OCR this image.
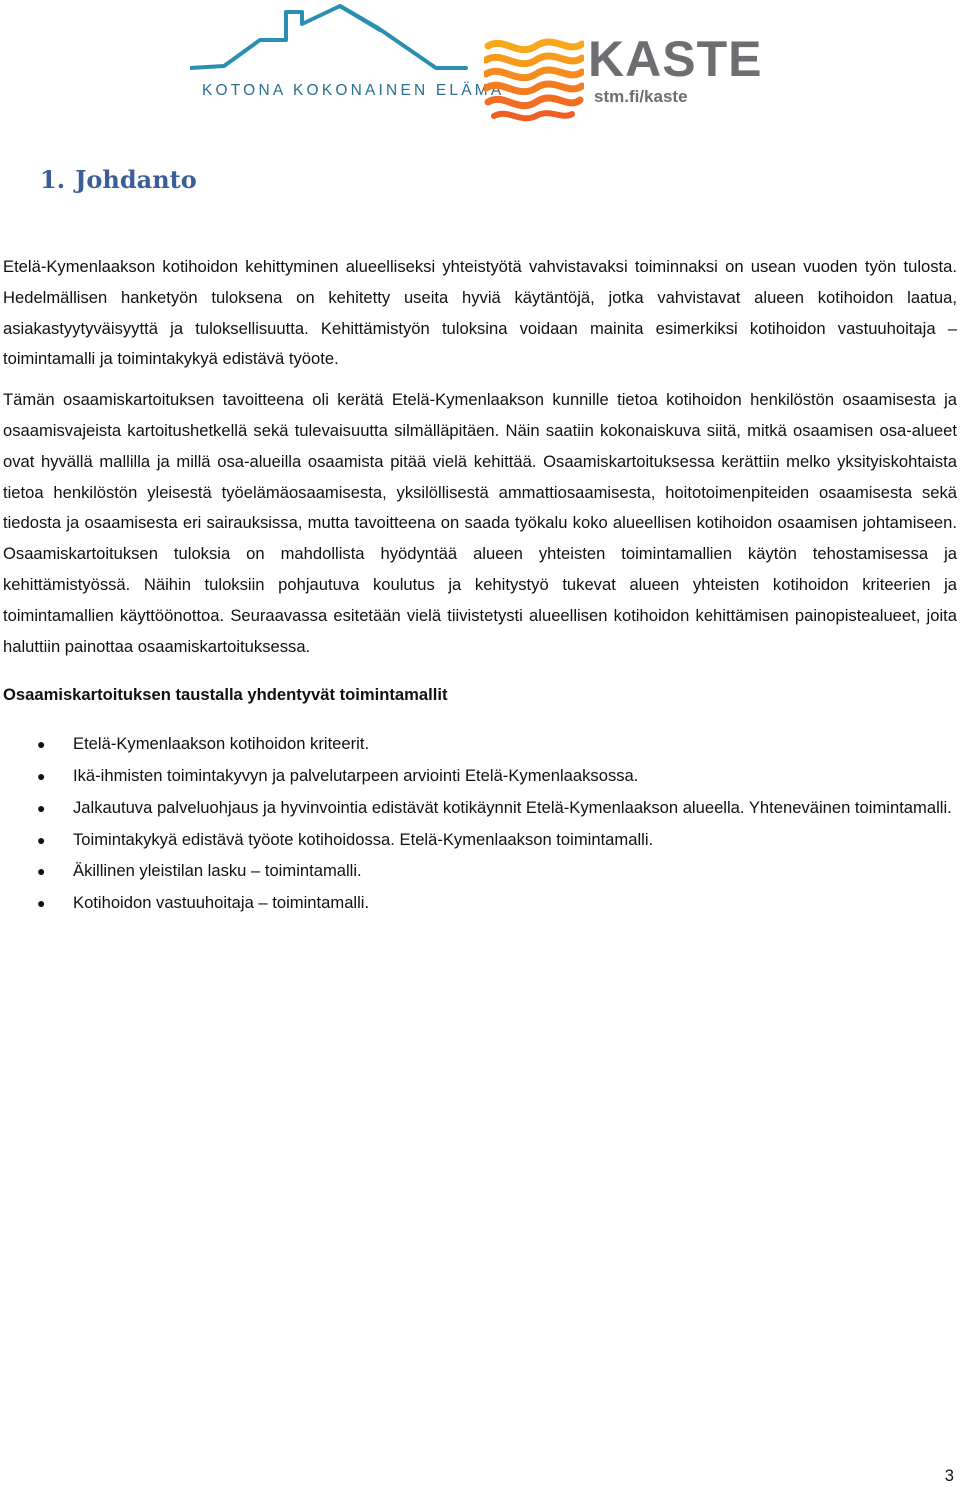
KOTONA KOKONAINEN ELÄMÄ
KASTE
stm.fi/kaste
1. Johdanto

Etelä-Kymenlaakson kotihoidon kehittyminen alueelliseksi yhteistyötä vahvistavaksi toiminnaksi on usean vuoden työn tulosta. Hedelmällisen hanketyön tuloksena on kehitetty useita hyviä käytäntöjä, jotka vahvistavat alueen kotihoidon laatua, asiakastyytyväisyyttä ja tuloksellisuutta. Kehittämistyön tuloksina voidaan mainita esimerkiksi kotihoidon vastuuhoitaja –toimintamalli ja toimintakykyä edistävä työote.

Tämän osaamiskartoituksen tavoitteena oli kerätä Etelä-Kymenlaakson kunnille tietoa kotihoidon henkilöstön osaamisesta ja osaamisvajeista kartoitushetkellä sekä tulevaisuutta silmälläpitäen. Näin saatiin kokonaiskuva siitä, mitkä osaamisen osa-alueet ovat hyvällä mallilla ja millä osa-alueilla osaamista pitää vielä kehittää. Osaamiskartoituksessa kerättiin melko yksityiskohtaista tietoa henkilöstön yleisestä työelämäosaamisesta, yksilöllisestä ammattiosaamisesta, hoitotoimenpiteiden osaamisesta sekä tiedosta ja osaamisesta eri sairauksissa, mutta tavoitteena on saada työkalu koko alueellisen kotihoidon osaamisen johtamiseen. Osaamiskartoituksen tuloksia on mahdollista hyödyntää alueen yhteisten toimintamallien käytön tehostamisessa ja kehittämistyössä. Näihin tuloksiin pohjautuva koulutus ja kehitystyö tukevat alueen yhteisten kotihoidon kriteerien ja toimintamallien käyttöönottoa. Seuraavassa esitetään vielä tiivistetysti alueellisen kotihoidon kehittämisen painopistealueet, joita haluttiin painottaa osaamiskartoituksessa.

Osaamiskartoituksen taustalla yhdentyvät toimintamallit
● Etelä-Kymenlaakson kotihoidon kriteerit.
● Ikä-ihmisten toimintakyvyn ja palvelutarpeen arviointi Etelä-Kymenlaaksossa.
● Jalkautuva palveluohjaus ja hyvinvointia edistävät kotikäynnit Etelä-Kymenlaakson alueella. Yhteneväinen toimintamalli.
● Toimintakykyä edistävä työote kotihoidossa. Etelä-Kymenlaakson toimintamalli.
● Äkillinen yleistilan lasku – toimintamalli.
● Kotihoidon vastuuhoitaja – toimintamalli.
3
